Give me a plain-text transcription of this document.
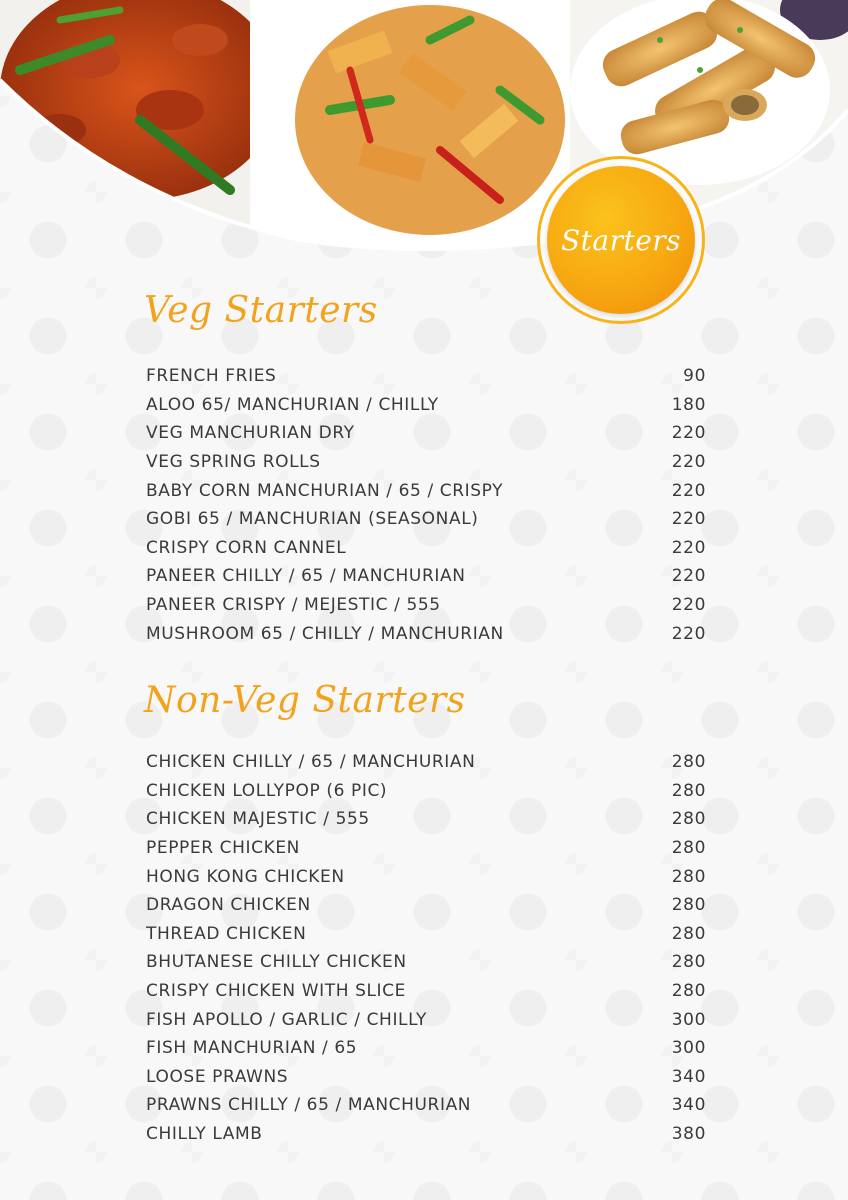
Starters
Veg Starters
FRENCH FRIES	90
ALOO 65/ MANCHURIAN / CHILLY	180
VEG MANCHURIAN DRY	220
VEG SPRING ROLLS	220
BABY CORN MANCHURIAN / 65 / CRISPY	220
GOBI 65 / MANCHURIAN (SEASONAL)	220
CRISPY CORN CANNEL	220
PANEER CHILLY / 65 / MANCHURIAN	220
PANEER CRISPY / MEJESTIC / 555	220
MUSHROOM 65 / CHILLY / MANCHURIAN	220
Non-Veg Starters
CHICKEN CHILLY / 65 / MANCHURIAN	280
CHICKEN LOLLYPOP (6 PIC)	280
CHICKEN MAJESTIC / 555	280
PEPPER CHICKEN	280
HONG KONG CHICKEN	280
DRAGON CHICKEN	280
THREAD CHICKEN	280
BHUTANESE CHILLY CHICKEN	280
CRISPY CHICKEN WITH SLICE	280
FISH APOLLO / GARLIC / CHILLY	300
FISH MANCHURIAN / 65	300
LOOSE PRAWNS	340
PRAWNS CHILLY / 65 / MANCHURIAN	340
CHILLY LAMB	380
